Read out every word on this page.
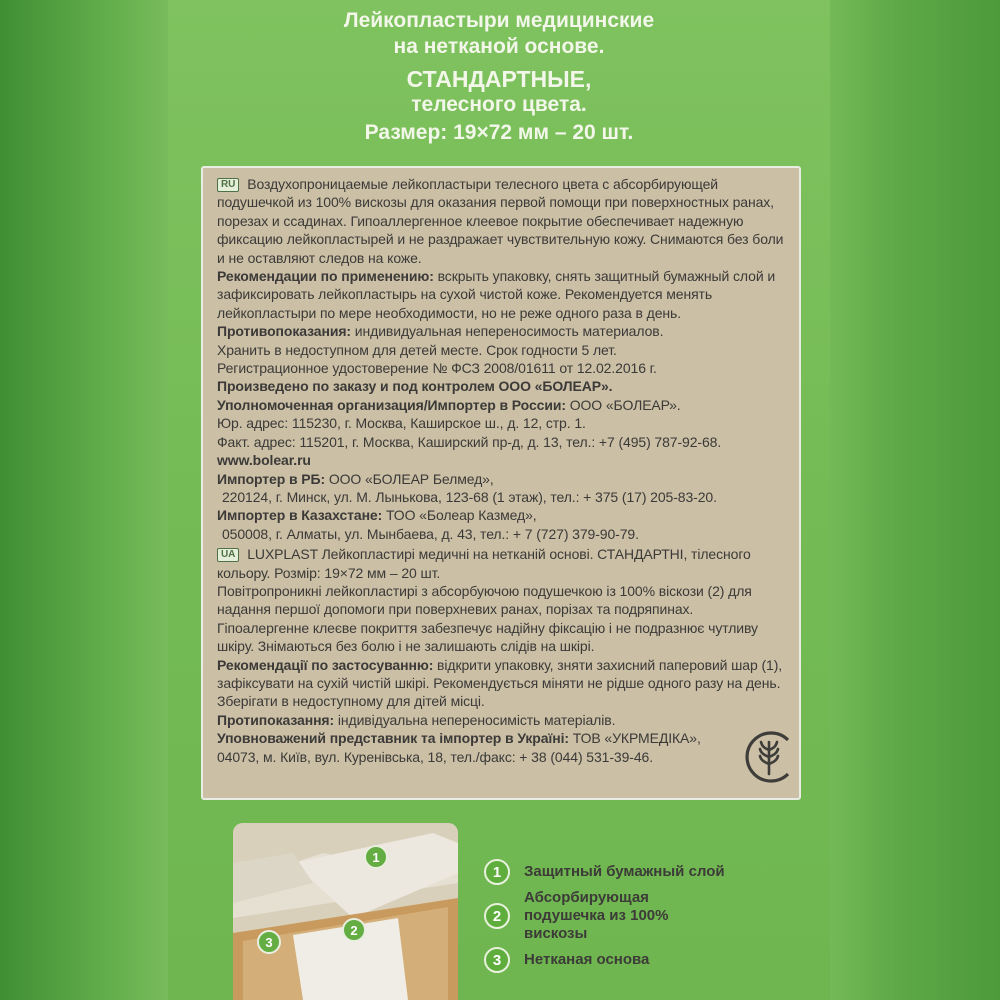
Лейкопластыри медицинские
на нетканой основе.
СТАНДАРТНЫЕ,
телесного цвета.
Размер: 19×72 мм – 20 шт.

RU Воздухопроницаемые лейкопластыри телесного цвета с абсорбирующей подушечкой из 100% вискозы для оказания первой помощи при поверхностных ранах, порезах и ссадинах. Гипоаллергенное клеевое покрытие обеспечивает надежную фиксацию лейкопластырей и не раздражает чувствительную кожу. Снимаются без боли и не оставляют следов на коже.

Рекомендации по применению: вскрыть упаковку, снять защитный бумажный слой и зафиксировать лейкопластырь на сухой чистой коже. Рекомендуется менять лейкопластыри по мере необходимости, но не реже одного раза в день.

Противопоказания: индивидуальная непереносимость материалов.

Хранить в недоступном для детей месте. Срок годности 5 лет.

Регистрационное удостоверение № ФСЗ 2008/01611 от 12.02.2016 г.

Произведено по заказу и под контролем ООО «БОЛЕАР».

Уполномоченная организация/Импортер в России: ООО «БОЛЕАР».

Юр. адрес: 115230, г. Москва, Каширское ш., д. 12, стр. 1.

Факт. адрес: 115201, г. Москва, Каширский пр-д, д. 13, тел.: +7 (495) 787-92-68.

www.bolear.ru

Импортер в РБ: ООО «БОЛЕАР Белмед»,

220124, г. Минск, ул. М. Лынькова, 123-68 (1 этаж), тел.: + 375 (17) 205-83-20.

Импортер в Казахстане: ТОО «Болеар Казмед»,

050008, г. Алматы, ул. Мынбаева, д. 43, тел.: + 7 (727) 379-90-79.

UA LUXPLAST Лейкопластирі медичні на нетканій основі. СТАНДАРТНІ, тілесного кольору. Розмір: 19×72 мм – 20 шт.

Повітропроникні лейкопластирі з абсорбуючою подушечкою із 100% віскози (2) для надання першої допомоги при поверхневих ранах, порізах та подряпинах. Гіпоалергенне клеєве покриття забезпечує надійну фіксацію і не подразнює чутливу шкіру. Знімаються без болю і не залишають слідів на шкірі.

Рекомендації по застосуванню: відкрити упаковку, зняти захисний паперовий шар (1), зафіксувати на сухій чистій шкірі. Рекомендується міняти не рідше одного разу на день. Зберігати в недоступному для дітей місці.

Протипоказання: індивідуальна непереносимість матеріалів.

Уповноважений представник та імпортер в Україні: ТОВ «УКРМЕДІКА», 04073, м. Київ, вул. Куренівська, 18, тел./факс: + 38 (044) 531-39-46.

1
2
3
1	Защитный бумажный слой
2
Абсорбирующая подушечка из 100% вискозы
3	Нетканая основа
